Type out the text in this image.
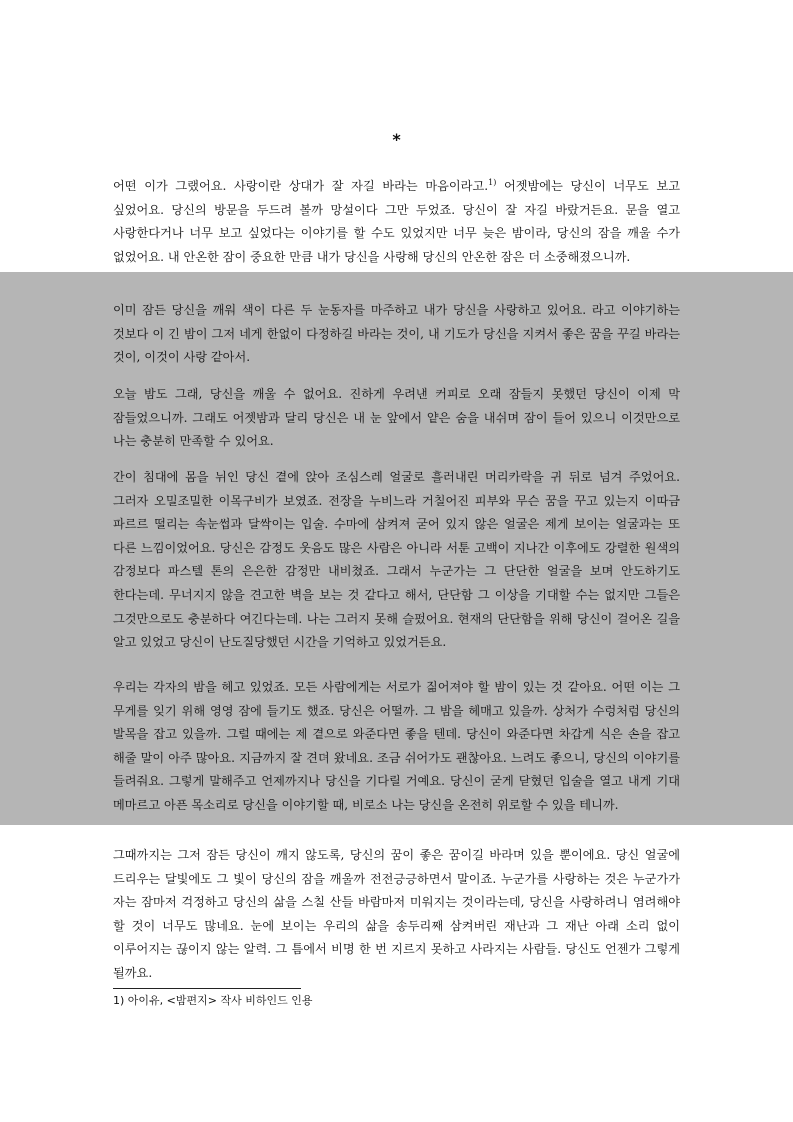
*
어떤 이가 그랬어요. 사랑이란 상대가 잘 자길 바라는 마음이라고.$^{1)}$ 어젯밤에는 당신이 너무도 보고 싶었어요. 당신의 방문을 두드려 볼까 망설이다 그만 두었죠. 당신이 잘 자길 바랐거든요. 문을 열고 사랑한다거나 너무 보고 싶었다는 이야기를 할 수도 있었지만 너무 늦은 밤이라, 당신의 잠을 깨울 수가 없었어요. 내 안온한 잠이 중요한 만큼 내가 당신을 사랑해 당신의 안온한 잠은 더 소중해졌으니까.
이미 잠든 당신을 깨워 색이 다른 두 눈동자를 마주하고 내가 당신을 사랑하고 있어요. 라고 이야기하는 것보다 이 긴 밤이 그저 네게 한없이 다정하길 바라는 것이, 내 기도가 당신을 지켜서 좋은 꿈을 꾸길 바라는 것이, 이것이 사랑 같아서.
오늘 밤도 그래, 당신을 깨울 수 없어요. 진하게 우려낸 커피로 오래 잠들지 못했던 당신이 이제 막 잠들었으니까. 그래도 어젯밤과 달리 당신은 내 눈 앞에서 얕은 숨을 내쉬며 잠이 들어 있으니 이것만으로 나는 충분히 만족할 수 있어요.
간이 침대에 몸을 뉘인 당신 곁에 앉아 조심스레 얼굴로 흘러내린 머리카락을 귀 뒤로 넘겨 주었어요. 그러자 오밀조밀한 이목구비가 보였죠. 전장을 누비느라 거칠어진 피부와 무슨 꿈을 꾸고 있는지 이따금 파르르 떨리는 속눈썹과 달싹이는 입술. 수마에 삼켜져 굳어 있지 않은 얼굴은 제게 보이는 얼굴과는 또 다른 느낌이었어요. 당신은 감정도 웃음도 많은 사람은 아니라 서툰 고백이 지나간 이후에도 강렬한 원색의 감정보다 파스텔 톤의 은은한 감정만 내비쳤죠. 그래서 누군가는 그 단단한 얼굴을 보며 안도하기도 한다는데. 무너지지 않을 견고한 벽을 보는 것 같다고 해서, 단단함 그 이상을 기대할 수는 없지만 그들은 그것만으로도 충분하다 여긴다는데. 나는 그러지 못해 슬펐어요. 현재의 단단함을 위해 당신이 걸어온 길을 알고 있었고 당신이 난도질당했던 시간을 기억하고 있었거든요.
우리는 각자의 밤을 헤고 있었죠. 모든 사람에게는 서로가 짊어져야 할 밤이 있는 것 같아요. 어떤 이는 그 무게를 잊기 위해 영영 잠에 들기도 했죠. 당신은 어떨까. 그 밤을 헤매고 있을까. 상처가 수렁처럼 당신의 발목을 잡고 있을까. 그럴 때에는 제 곁으로 와준다면 좋을 텐데. 당신이 와준다면 차갑게 식은 손을 잡고 해줄 말이 아주 많아요. 지금까지 잘 견뎌 왔네요. 조금 쉬어가도 괜찮아요. 느려도 좋으니, 당신의 이야기를 들려줘요. 그렇게 말해주고 언제까지나 당신을 기다릴 거예요. 당신이 굳게 닫혔던 입술을 열고 내게 기대 메마르고 아픈 목소리로 당신을 이야기할 때, 비로소 나는 당신을 온전히 위로할 수 있을 테니까.
그때까지는 그저 잠든 당신이 깨지 않도록, 당신의 꿈이 좋은 꿈이길 바라며 있을 뿐이에요. 당신 얼굴에 드리우는 달빛에도 그 빛이 당신의 잠을 깨울까 전전긍긍하면서 말이죠. 누군가를 사랑하는 것은 누군가가 자는 잠마저 걱정하고 당신의 삶을 스칠 산들 바람마저 미워지는 것이라는데, 당신을 사랑하려니 염려해야 할 것이 너무도 많네요. 눈에 보이는 우리의 삶을 송두리째 삼켜버린 재난과 그 재난 아래 소리 없이 이루어지는 끊이지 않는 알력. 그 틈에서 비명 한 번 지르지 못하고 사라지는 사람들. 당신도 언젠가 그렇게 될까요.
1) 아이유, <밤편지> 작사 비하인드 인용
